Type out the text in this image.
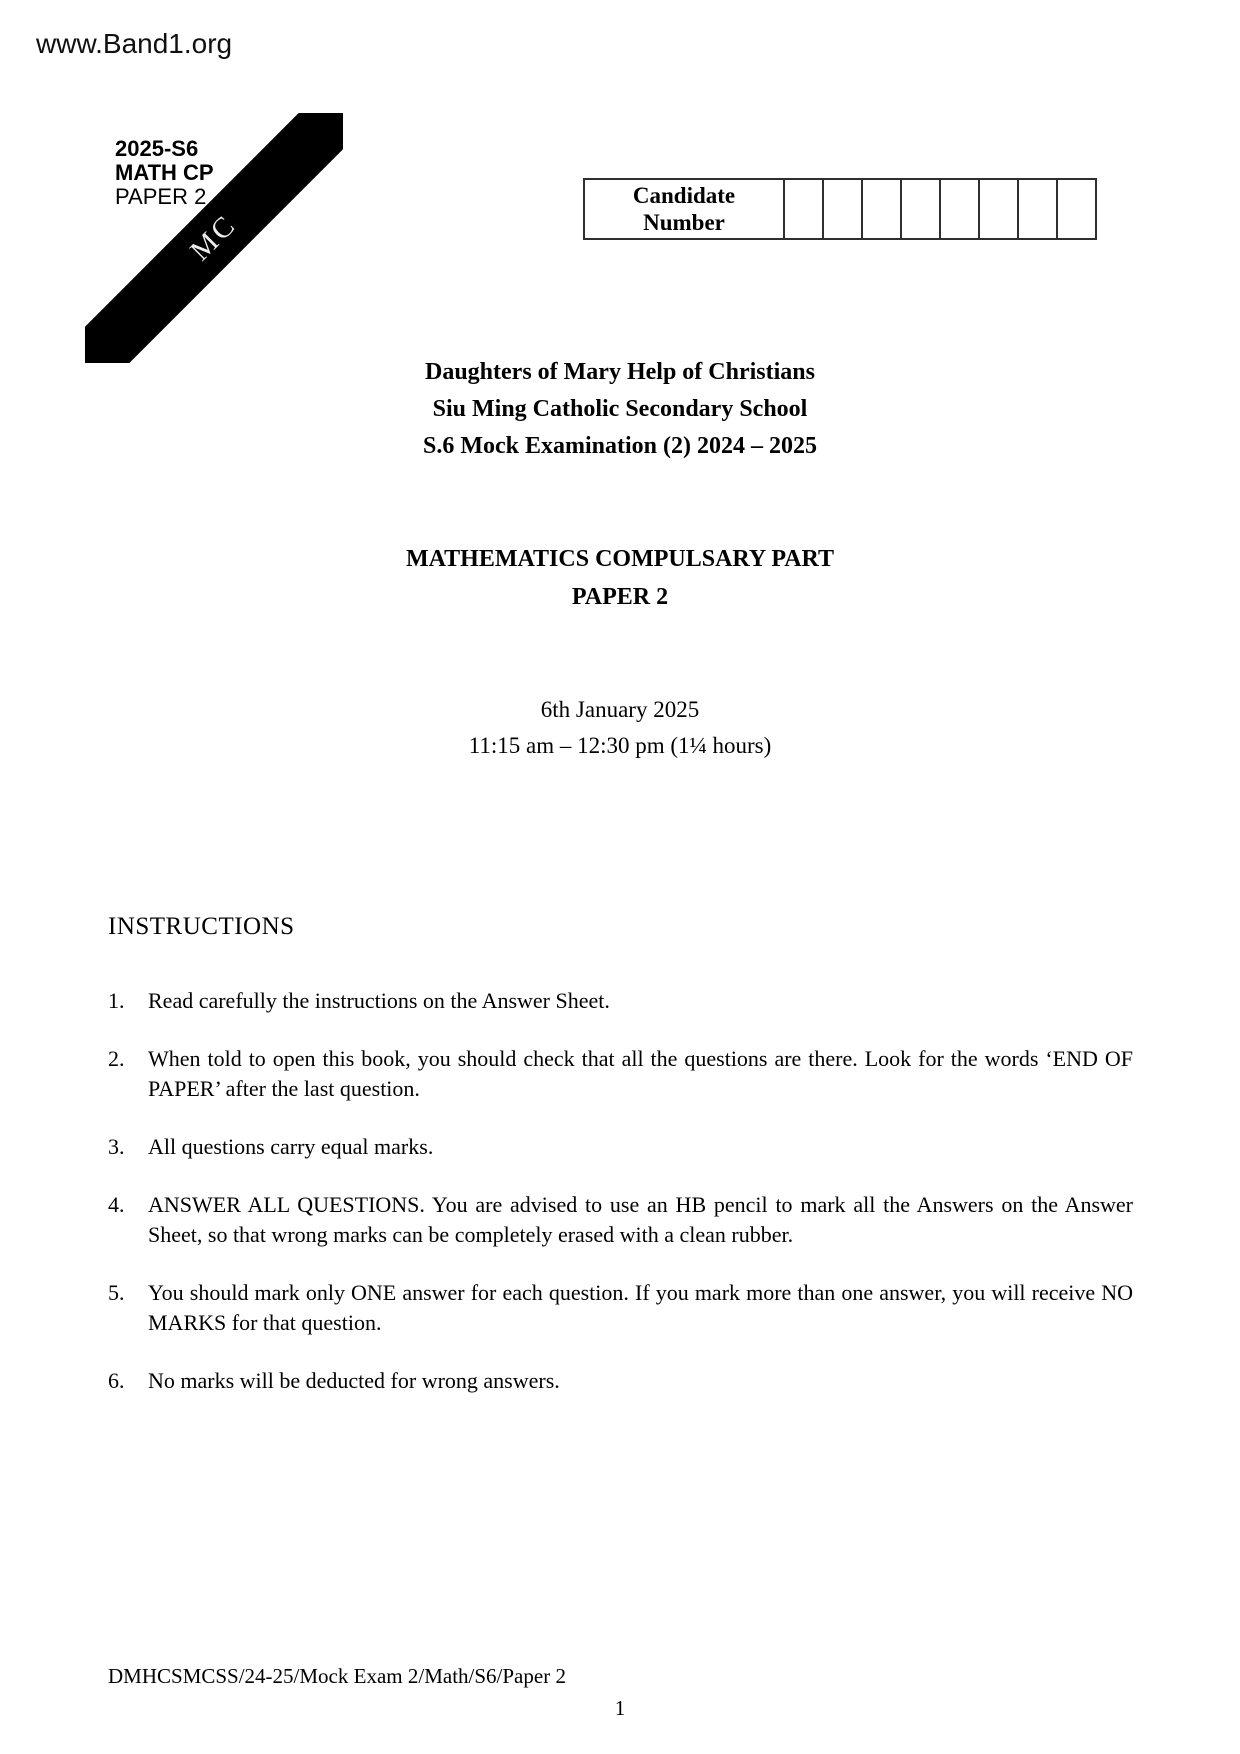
www.Band1.org
MC
2025-S6
MATH CP
PAPER 2	Candidate
Number
Daughters of Mary Help of Christians
Siu Ming Catholic Secondary School
S.6 Mock Examination (2) 2024 – 2025
MATHEMATICS COMPULSARY PART
PAPER 2
6th January 2025
11:15 am – 12:30 pm (1¼ hours)
INSTRUCTIONS
1.	Read carefully the instructions on the Answer Sheet.
2.	When told to open this book, you should check that all the questions are there. Look for the words ‘END OF PAPER’ after the last question.
3.	All questions carry equal marks.
4.	ANSWER ALL QUESTIONS. You are advised to use an HB pencil to mark all the Answers on the Answer Sheet, so that wrong marks can be completely erased with a clean rubber.
5.	You should mark only ONE answer for each question. If you mark more than one answer, you will receive NO MARKS for that question.
6.	No marks will be deducted for wrong answers.
DMHCSMCSS/24-25/Mock Exam 2/Math/S6/Paper 2
1
